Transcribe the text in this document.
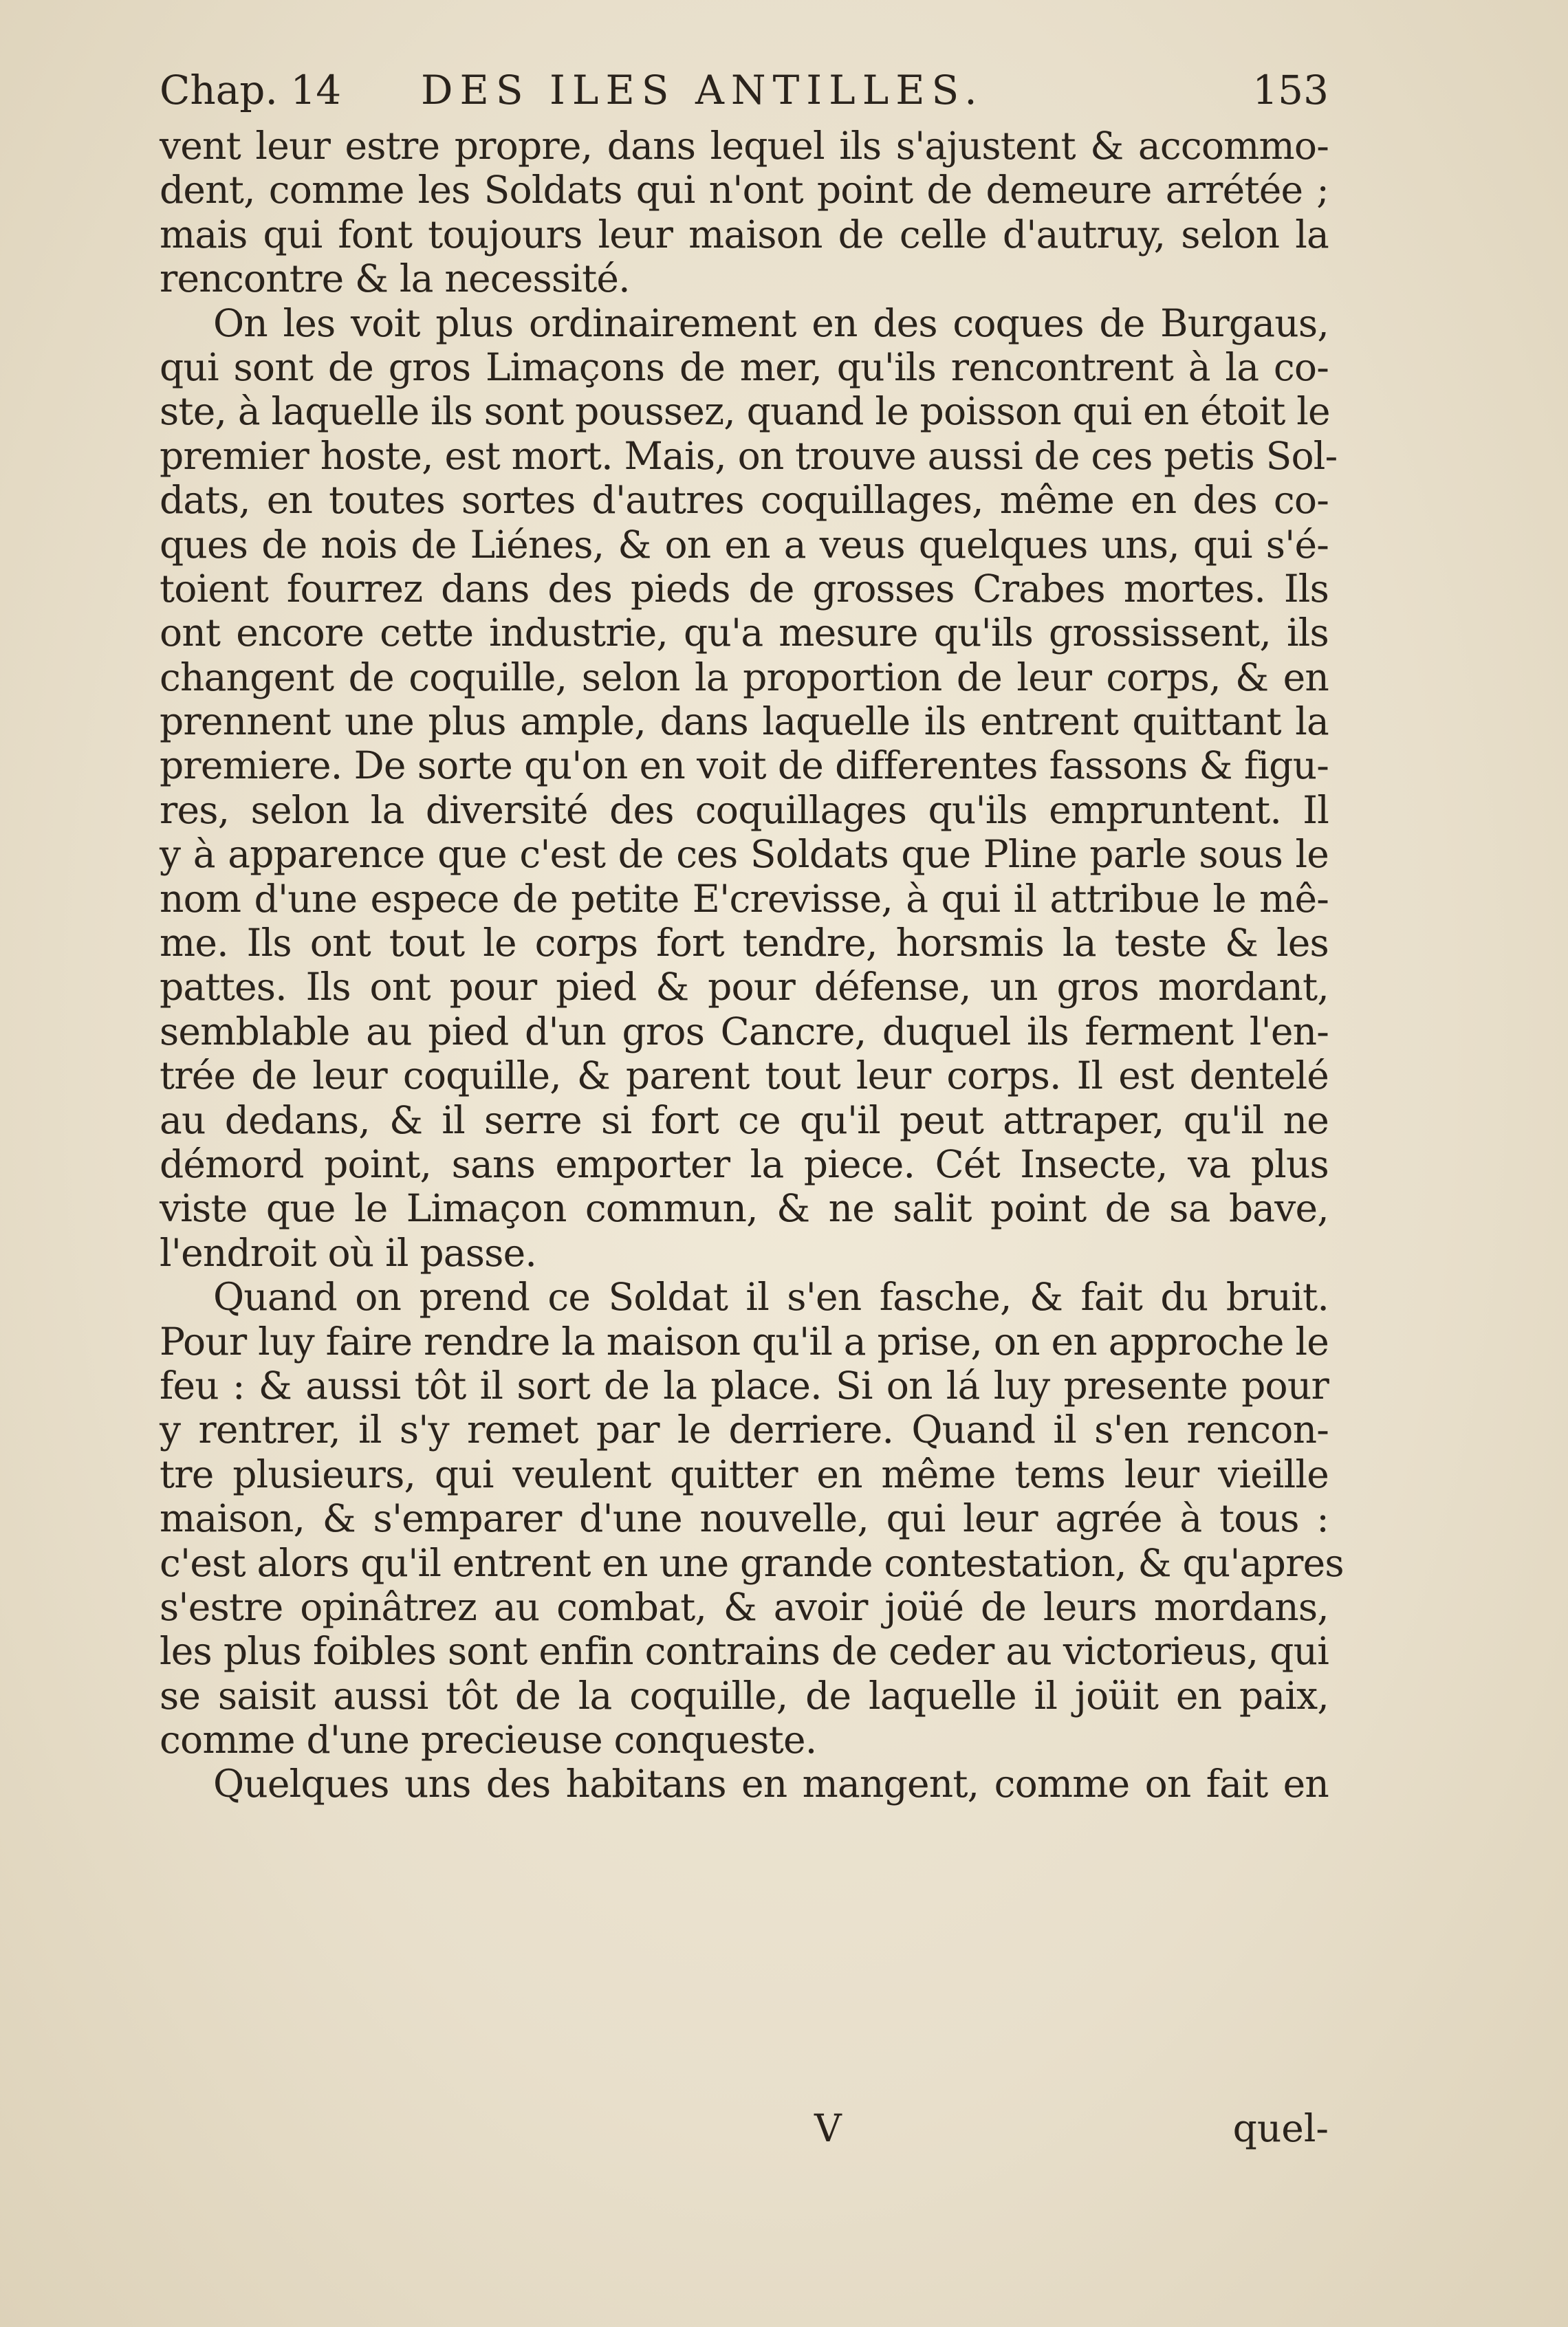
Chap. 14 DES ILES ANTILLES.	153
vent leur estre propre, dans lequel ils s'ajustent & accommo-
dent, comme les Soldats qui n'ont point de demeure arrétée ;
mais qui font toujours leur maison de celle d'autruy, selon la
rencontre & la necessité.
On les voit plus ordinairement en des coques de Burgaus,
qui sont de gros Limaçons de mer, qu'ils rencontrent à la co-
ste, à laquelle ils sont poussez, quand le poisson qui en étoit le
premier hoste, est mort. Mais, on trouve aussi de ces petis Sol-
dats, en toutes sortes d'autres coquillages, même en des co-
ques de nois de Liénes, & on en a veus quelques uns, qui s'é-
toient fourrez dans des pieds de grosses Crabes mortes. Ils
ont encore cette industrie, qu'a mesure qu'ils grossissent, ils
changent de coquille, selon la proportion de leur corps, & en
prennent une plus ample, dans laquelle ils entrent quittant la
premiere. De sorte qu'on en voit de differentes fassons & figu-
res, selon la diversité des coquillages qu'ils empruntent. Il
y à apparence que c'est de ces Soldats que Pline parle sous le
nom d'une espece de petite E'crevisse, à qui il attribue le mê-
me. Ils ont tout le corps fort tendre, horsmis la teste & les
pattes. Ils ont pour pied & pour défense, un gros mordant,
semblable au pied d'un gros Cancre, duquel ils ferment l'en-
trée de leur coquille, & parent tout leur corps. Il est dentelé
au dedans, & il serre si fort ce qu'il peut attraper, qu'il ne
démord point, sans emporter la piece. Cét Insecte, va plus
viste que le Limaçon commun, & ne salit point de sa bave,
l'endroit où il passe.
Quand on prend ce Soldat il s'en fasche, & fait du bruit.
Pour luy faire rendre la maison qu'il a prise, on en approche le
feu : & aussi tôt il sort de la place. Si on lá luy presente pour
y rentrer, il s'y remet par le derriere. Quand il s'en rencon-
tre plusieurs, qui veulent quitter en même tems leur vieille
maison, & s'emparer d'une nouvelle, qui leur agrée à tous :
c'est alors qu'il entrent en une grande contestation, & qu'apres
s'estre opinâtrez au combat, & avoir joüé de leurs mordans,
les plus foibles sont enfin contrains de ceder au victorieus, qui
se saisit aussi tôt de la coquille, de laquelle il joüit en paix,
comme d'une precieuse conqueste.
Quelques uns des habitans en mangent, comme on fait en
V	quel-
